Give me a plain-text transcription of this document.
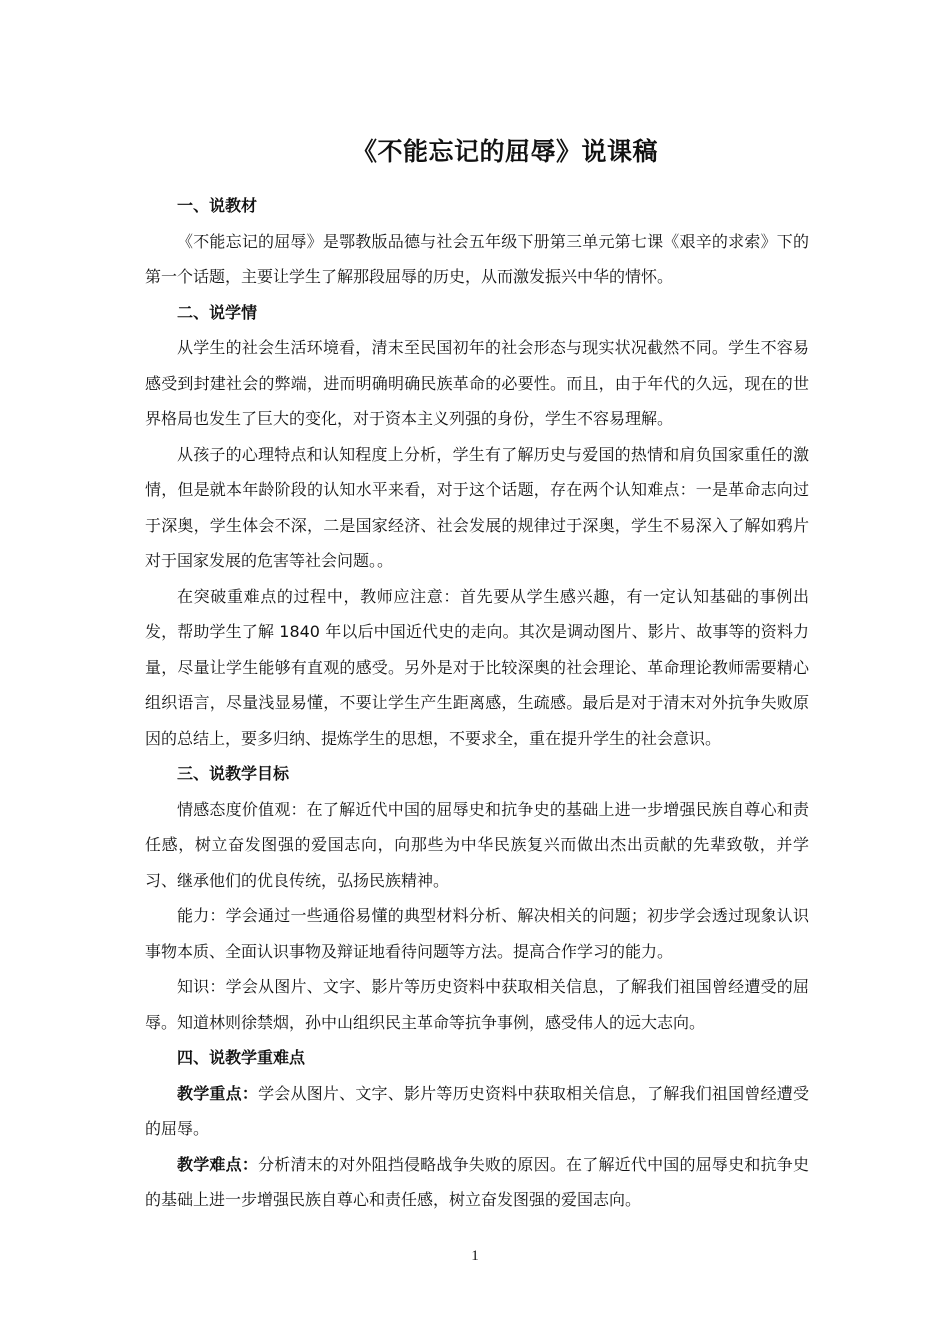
《不能忘记的屈辱》说课稿
一、说教材

《不能忘记的屈辱》是鄂教版品德与社会五年级下册第三单元第七课《艰辛的求索》下的第一个话题，主要让学生了解那段屈辱的历史，从而激发振兴中华的情怀。

二、说学情

从学生的社会生活环境看，清末至民国初年的社会形态与现实状况截然不同。学生不容易感受到封建社会的弊端，进而明确明确民族革命的必要性。而且，由于年代的久远，现在的世界格局也发生了巨大的变化，对于资本主义列强的身份，学生不容易理解。

从孩子的心理特点和认知程度上分析，学生有了解历史与爱国的热情和肩负国家重任的激情，但是就本年龄阶段的认知水平来看，对于这个话题，存在两个认知难点：一是革命志向过于深奥，学生体会不深，二是国家经济、社会发展的规律过于深奥，学生不易深入了解如鸦片对于国家发展的危害等社会问题。。

在突破重难点的过程中，教师应注意：首先要从学生感兴趣，有一定认知基础的事例出发，帮助学生了解 1840 年以后中国近代史的走向。其次是调动图片、影片、故事等的资料力量，尽量让学生能够有直观的感受。另外是对于比较深奥的社会理论、革命理论教师需要精心组织语言，尽量浅显易懂，不要让学生产生距离感，生疏感。最后是对于清末对外抗争失败原因的总结上，要多归纳、提炼学生的思想，不要求全，重在提升学生的社会意识。

三、说教学目标

情感态度价值观：在了解近代中国的屈辱史和抗争史的基础上进一步增强民族自尊心和责任感，树立奋发图强的爱国志向，向那些为中华民族复兴而做出杰出贡献的先辈致敬，并学习、继承他们的优良传统，弘扬民族精神。

能力：学会通过一些通俗易懂的典型材料分析、解决相关的问题；初步学会透过现象认识事物本质、全面认识事物及辩证地看待问题等方法。提高合作学习的能力。

知识：学会从图片、文字、影片等历史资料中获取相关信息，了解我们祖国曾经遭受的屈辱。知道林则徐禁烟，孙中山组织民主革命等抗争事例，感受伟人的远大志向。

四、说教学重难点

教学重点：学会从图片、文字、影片等历史资料中获取相关信息，了解我们祖国曾经遭受的屈辱。

教学难点：分析清末的对外阻挡侵略战争失败的原因。在了解近代中国的屈辱史和抗争史的基础上进一步增强民族自尊心和责任感，树立奋发图强的爱国志向。

1
